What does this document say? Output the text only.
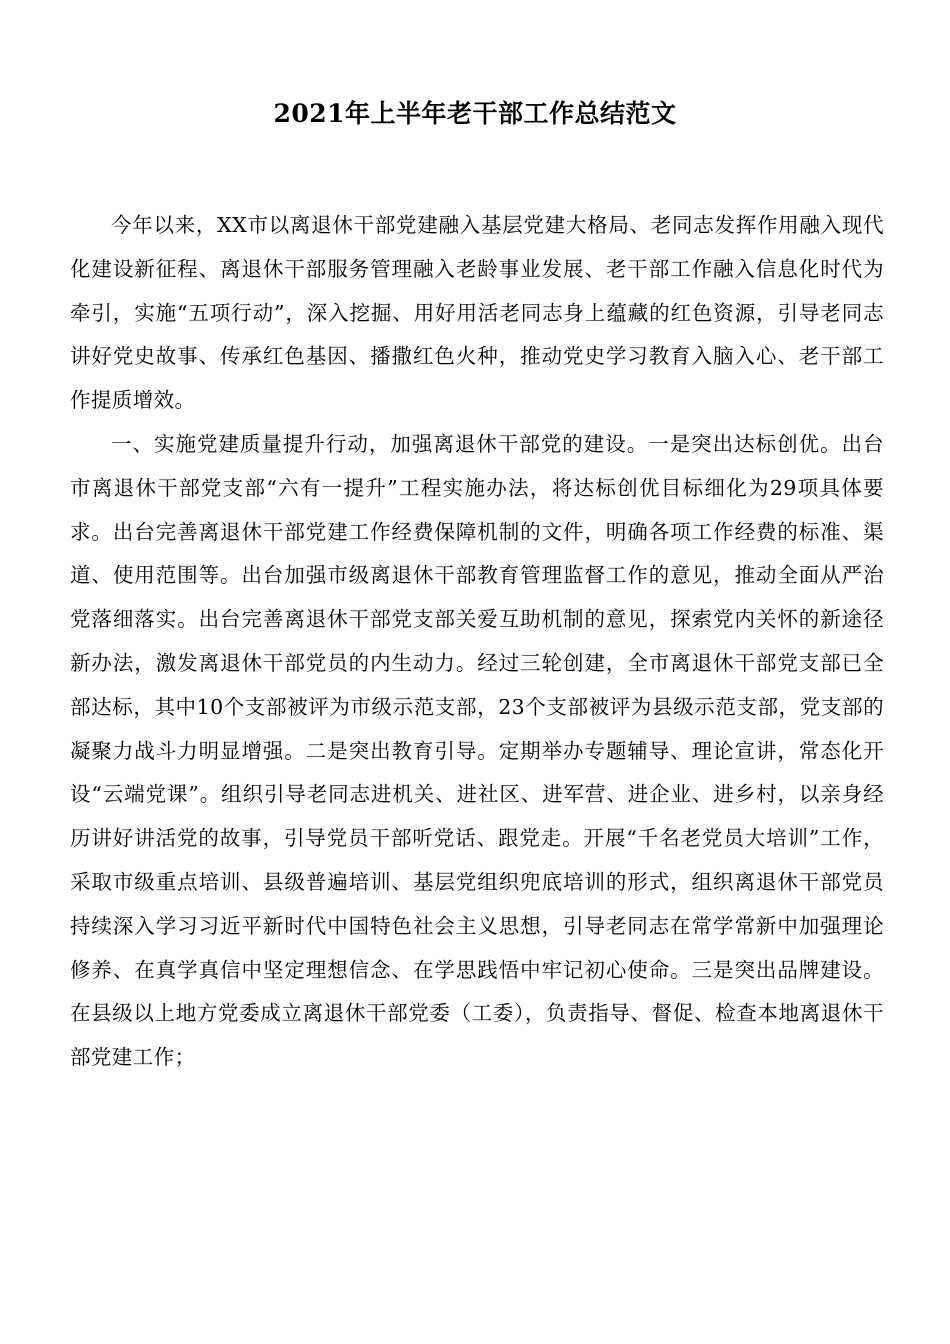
2021年上半年老干部工作总结范文

今年以来，XX市以离退休干部党建融入基层党建大格局、老同志发挥作用融入现代化建设新征程、离退休干部服务管理融入老龄事业发展、老干部工作融入信息化时代为牵引，实施“五项行动”，深入挖掘、用好用活老同志身上蕴藏的红色资源，引导老同志讲好党史故事、传承红色基因、播撒红色火种，推动党史学习教育入脑入心、老干部工作提质增效。

一、实施党建质量提升行动，加强离退休干部党的建设。一是突出达标创优。出台市离退休干部党支部“六有一提升”工程实施办法，将达标创优目标细化为29项具体要求。出台完善离退休干部党建工作经费保障机制的文件，明确各项工作经费的标准、渠道、使用范围等。出台加强市级离退休干部教育管理监督工作的意见，推动全面从严治党落细落实。出台完善离退休干部党支部关爱互助机制的意见，探索党内关怀的新途径新办法，激发离退休干部党员的内生动力。经过三轮创建，全市离退休干部党支部已全部达标，其中10个支部被评为市级示范支部，23个支部被评为县级示范支部，党支部的凝聚力战斗力明显增强。二是突出教育引导。定期举办专题辅导、理论宣讲，常态化开设“云端党课”。组织引导老同志进机关、进社区、进军营、进企业、进乡村，以亲身经历讲好讲活党的故事，引导党员干部听党话、跟党走。开展“千名老党员大培训”工作，采取市级重点培训、县级普遍培训、基层党组织兜底培训的形式，组织离退休干部党员持续深入学习习近平新时代中国特色社会主义思想，引导老同志在常学常新中加强理论修养、在真学真信中坚定理想信念、在学思践悟中牢记初心使命。三是突出品牌建设。在县级以上地方党委成立离退休干部党委（工委），负责指导、督促、检查本地离退休干部党建工作；
